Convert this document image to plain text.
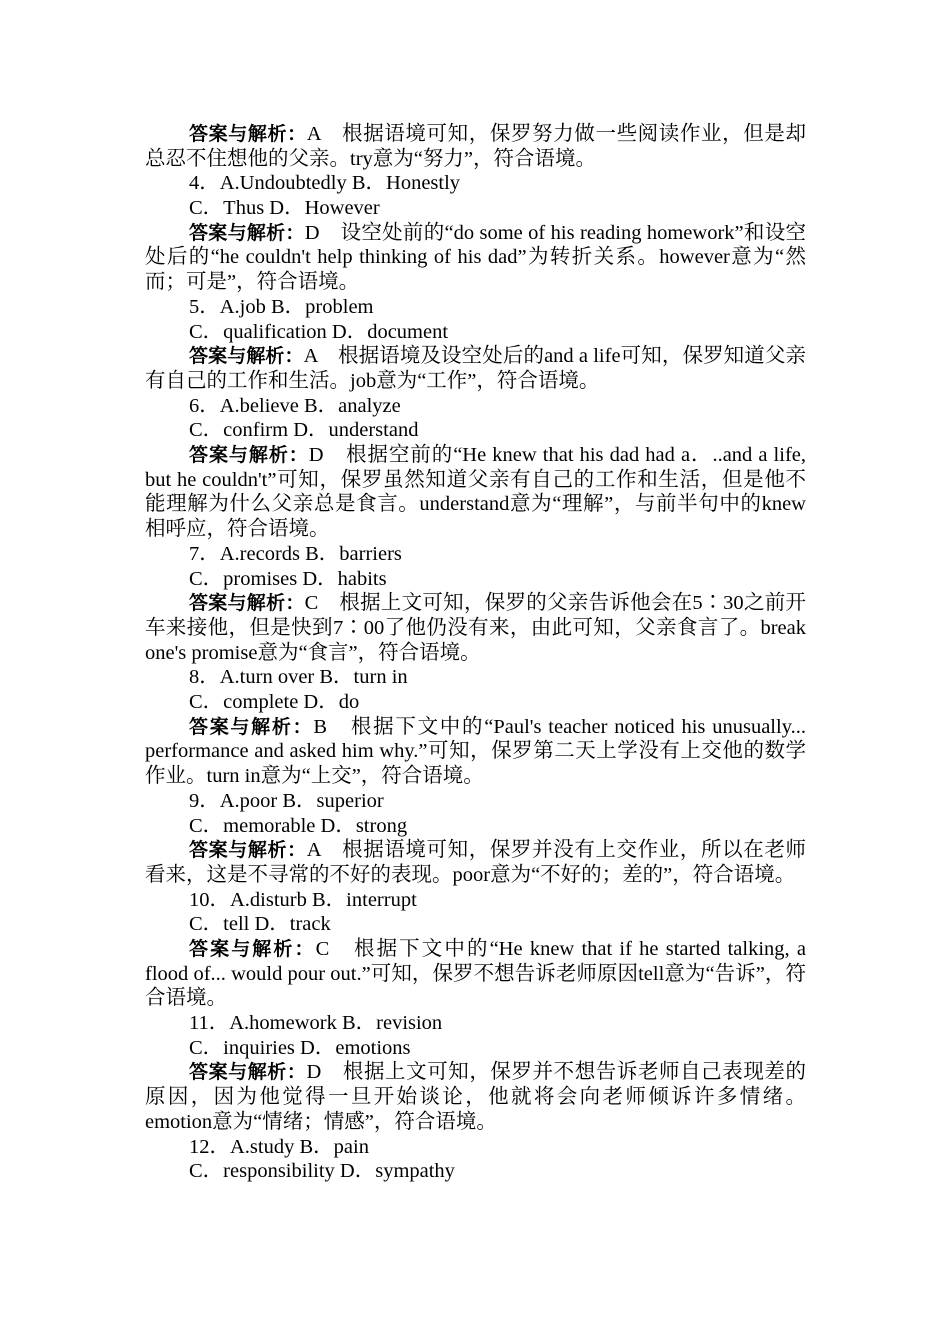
答案与解析：A　根据语境可知，保罗努力做一些阅读作业，但是却总忍不住想他的父亲。try意为“努力”，符合语境。
4．A.Undoubtedly B．Honestly
C．Thus D．However
答案与解析：D　设空处前的“do some of his reading homework”和设空处后的“he couldn't help thinking of his dad”为转折关系。however意为“然而；可是”，符合语境。
5．A.job B．problem
C．qualification D．document
答案与解析：A　根据语境及设空处后的and a life可知，保罗知道父亲有自己的工作和生活。job意为“工作”，符合语境。
6．A.believe B．analyze
C．confirm D．understand
答案与解析：D　根据空前的“He knew that his dad had a．..and a life, but he couldn't”可知，保罗虽然知道父亲有自己的工作和生活，但是他不能理解为什么父亲总是食言。understand意为“理解”，与前半句中的knew相呼应，符合语境。
7．A.records B．barriers
C．promises D．habits
答案与解析：C　根据上文可知，保罗的父亲告诉他会在5∶30之前开车来接他，但是快到7∶00了他仍没有来，由此可知，父亲食言了。break one's promise意为“食言”，符合语境。
8．A.turn over B．turn in
C．complete D．do
答案与解析：B　根据下文中的“Paul's teacher noticed his unusually... performance and asked him why.”可知，保罗第二天上学没有上交他的数学作业。turn in意为“上交”，符合语境。
9．A.poor B．superior
C．memorable D．strong
答案与解析：A　根据语境可知，保罗并没有上交作业，所以在老师看来，这是不寻常的不好的表现。poor意为“不好的；差的”，符合语境。
10．A.disturb B．interrupt
C．tell D．track
答案与解析：C　根据下文中的“He knew that if he started talking, a flood of... would pour out.”可知，保罗不想告诉老师原因tell意为“告诉”，符合语境。
11．A.homework B．revision
C．inquiries D．emotions
答案与解析：D　根据上文可知，保罗并不想告诉老师自己表现差的原因，因为他觉得一旦开始谈论，他就将会向老师倾诉许多情绪。emotion意为“情绪；情感”，符合语境。
12．A.study B．pain
C．responsibility D．sympathy
